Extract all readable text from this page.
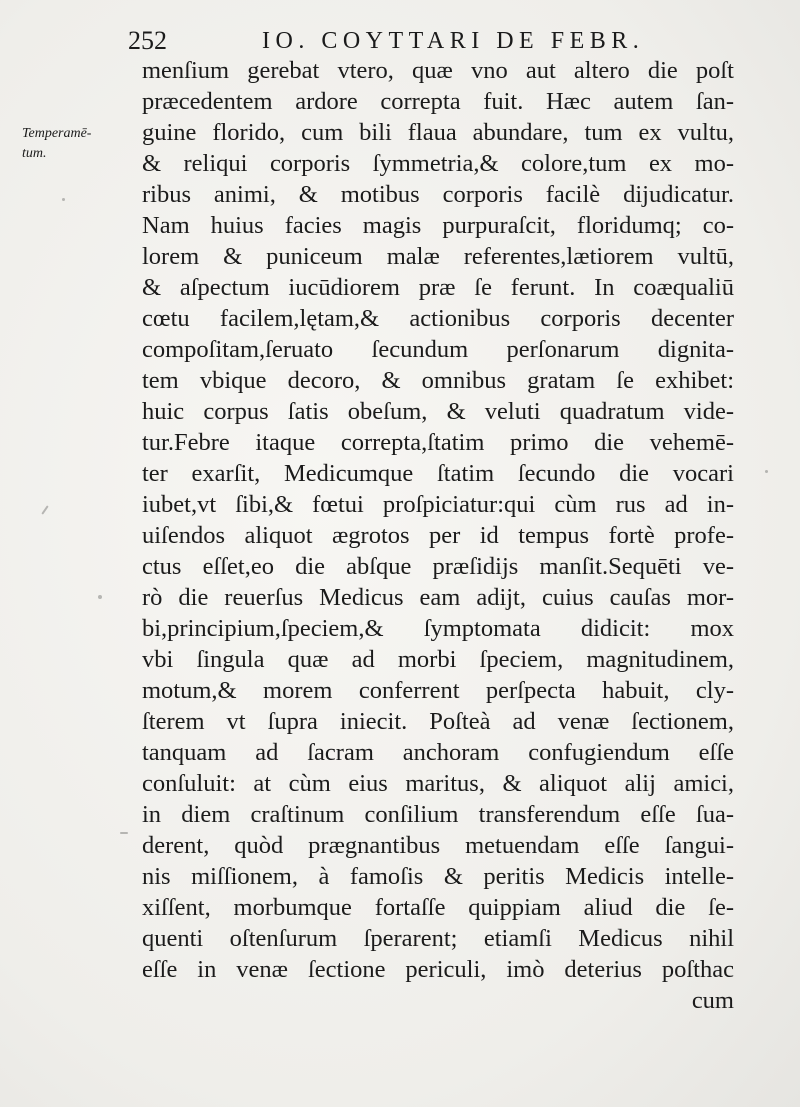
252	IO. COYTTARI DE FEBR.
Temperamē-
tum.
menſium gerebat vtero, quæ vno aut altero die poſt
præcedentem ardore correpta fuit. Hæc autem ſan-
guine florido, cum bili flaua abundare, tum ex vultu,
& reliqui corporis ſymmetria,& colore,tum ex mo-
ribus animi, & motibus corporis facilè dijudicatur.
Nam huius facies magis purpuraſcit, floridumq; co-
lorem & puniceum malæ referentes,lætiorem vultū,
& aſpectum iucūdiorem præ ſe ferunt. In coæqualiū
cœtu facilem,lętam,& actionibus corporis decenter
compoſitam,ſeruato ſecundum perſonarum dignita-
tem vbique decoro, & omnibus gratam ſe exhibet:
huic corpus ſatis obeſum, & veluti quadratum vide-
tur.Febre itaque correpta,ſtatim primo die vehemē-
ter exarſit, Medicumque ſtatim ſecundo die vocari
iubet,vt ſibi,& fœtui proſpiciatur:qui cùm rus ad in-
uiſendos aliquot ægrotos per id tempus fortè profe-
ctus eſſet,eo die abſque præſidijs manſit.Sequēti ve-
rò die reuerſus Medicus eam adijt, cuius cauſas mor-
bi,principium,ſpeciem,& ſymptomata didicit: mox
vbi ſingula quæ ad morbi ſpeciem, magnitudinem,
motum,& morem conferrent perſpecta habuit, cly-
ſterem vt ſupra iniecit. Poſteà ad venæ ſectionem,
tanquam ad ſacram anchoram confugiendum eſſe
conſuluit: at cùm eius maritus, & aliquot alij amici,
in diem craſtinum conſilium transferendum eſſe ſua-
derent, quòd prægnantibus metuendam eſſe ſangui-
nis miſſionem, à famoſis & peritis Medicis intelle-
xiſſent, morbumque fortaſſe quippiam aliud die ſe-
quenti oſtenſurum ſperarent; etiamſi Medicus nihil
eſſe in venæ ſectione periculi, imò deterius poſthac
cum
